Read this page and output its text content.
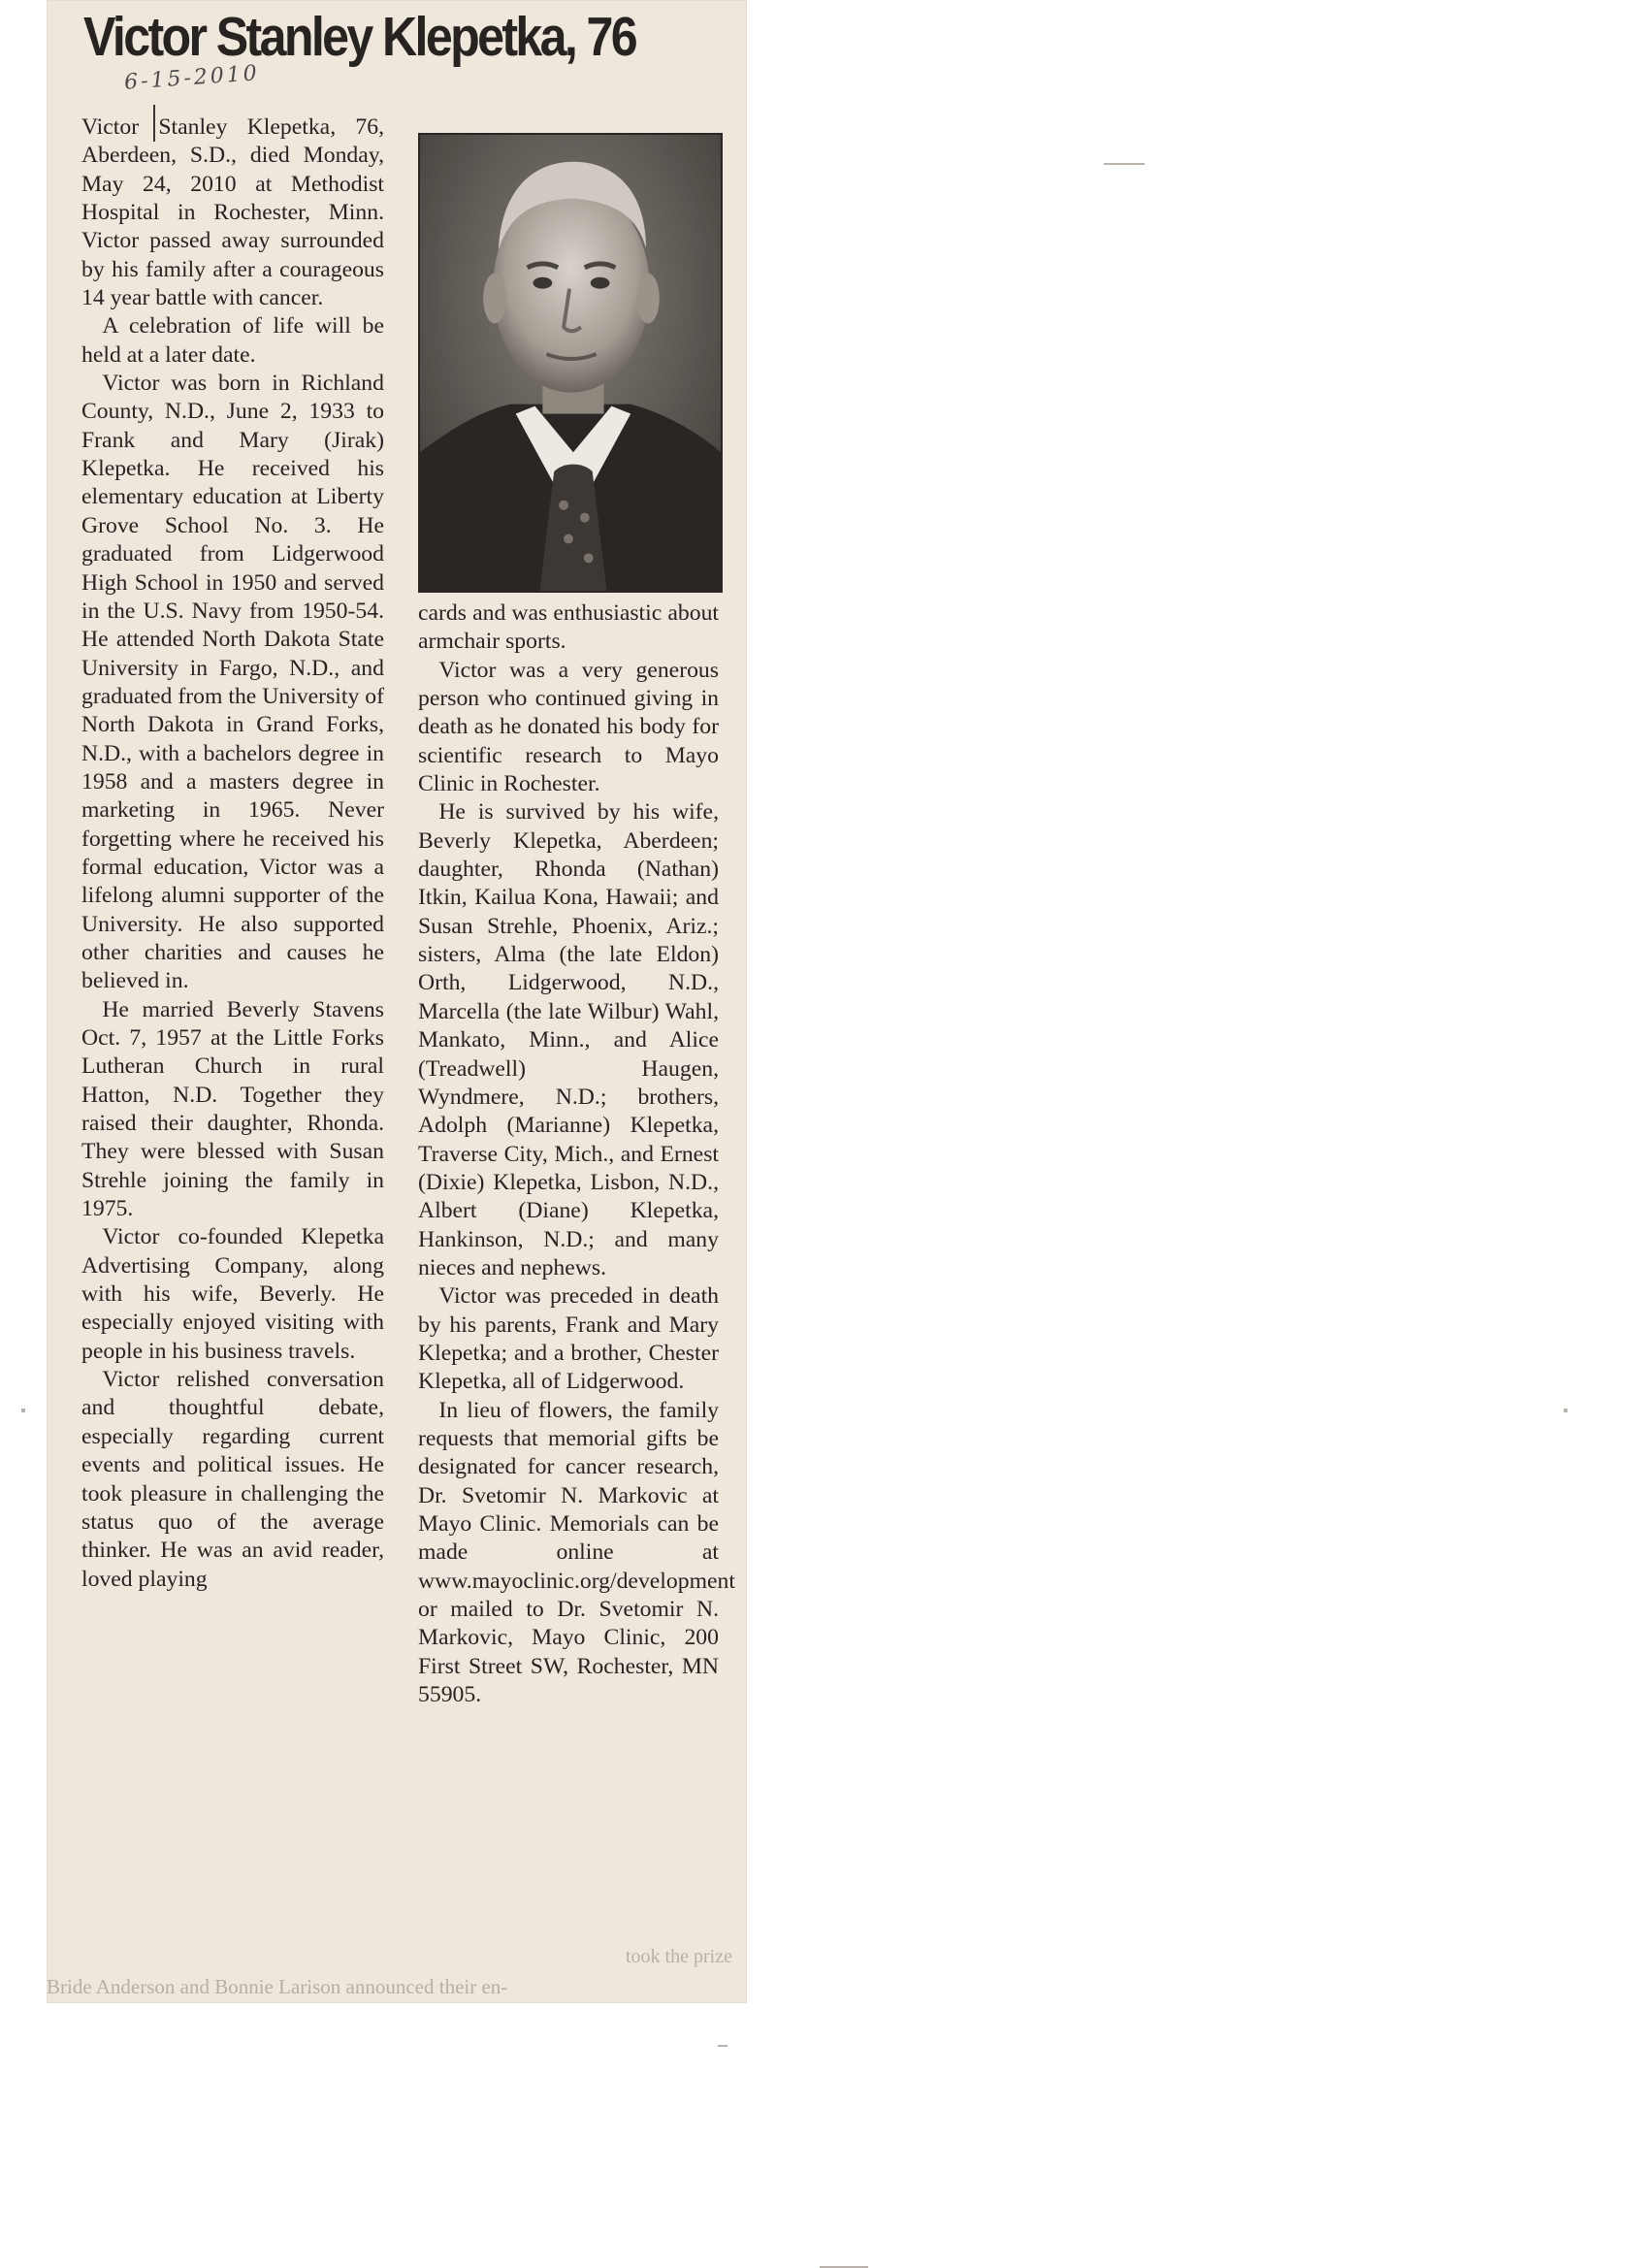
Victor Stanley Klepetka, 76
6-15-2010

Victor Stanley Klepetka, 76, Aberdeen, S.D., died Monday, May 24, 2010 at Methodist Hospital in Rochester, Minn. Victor passed away surrounded by his family after a courageous 14 year battle with cancer.

A celebration of life will be held at a later date.

Victor was born in Richland County, N.D., June 2, 1933 to Frank and Mary (Jirak) Klepetka. He received his elementary education at Liberty Grove School No. 3. He graduated from Lidgerwood High School in 1950 and served in the U.S. Navy from 1950-54. He attended North Dakota State University in Fargo, N.D., and graduated from the University of North Dakota in Grand Forks, N.D., with a bachelors degree in 1958 and a masters degree in marketing in 1965. Never forgetting where he received his formal education, Victor was a lifelong alumni supporter of the University. He also supported other charities and causes he believed in.

He married Beverly Stavens Oct. 7, 1957 at the Little Forks Lutheran Church in rural Hatton, N.D. Together they raised their daughter, Rhonda. They were blessed with Susan Strehle joining the family in 1975.

Victor co-founded Klepetka Advertising Company, along with his wife, Beverly. He especially enjoyed visiting with people in his business travels.

Victor relished conversation and thoughtful debate, especially regarding current events and political issues. He took pleasure in challenging the status quo of the average thinker. He was an avid reader, loved playing

cards and was enthusiastic about armchair sports.

Victor was a very generous person who continued giving in death as he donated his body for scientific research to Mayo Clinic in Rochester.

He is survived by his wife, Beverly Klepetka, Aberdeen; daughter, Rhonda (Nathan) Itkin, Kailua Kona, Hawaii; and Susan Strehle, Phoenix, Ariz.; sisters, Alma (the late Eldon) Orth, Lidgerwood, N.D., Marcella (the late Wilbur) Wahl, Mankato, Minn., and Alice (Treadwell) Haugen, Wyndmere, N.D.; brothers, Adolph (Marianne) Klepetka, Traverse City, Mich., and Ernest (Dixie) Klepetka, Lisbon, N.D., Albert (Diane) Klepetka, Hankinson, N.D.; and many nieces and nephews.

Victor was preceded in death by his parents, Frank and Mary Klepetka; and a brother, Chester Klepetka, all of Lidgerwood.

In lieu of flowers, the family requests that memorial gifts be designated for cancer research, Dr. Svetomir N. Markovic at Mayo Clinic. Memorials can be made online at www.mayoclinic.org/development or mailed to Dr. Svetomir N. Markovic, Mayo Clinic, 200 First Street SW, Rochester, MN 55905.

took the prize
Bride Anderson and Bonnie Larison announced their en-
